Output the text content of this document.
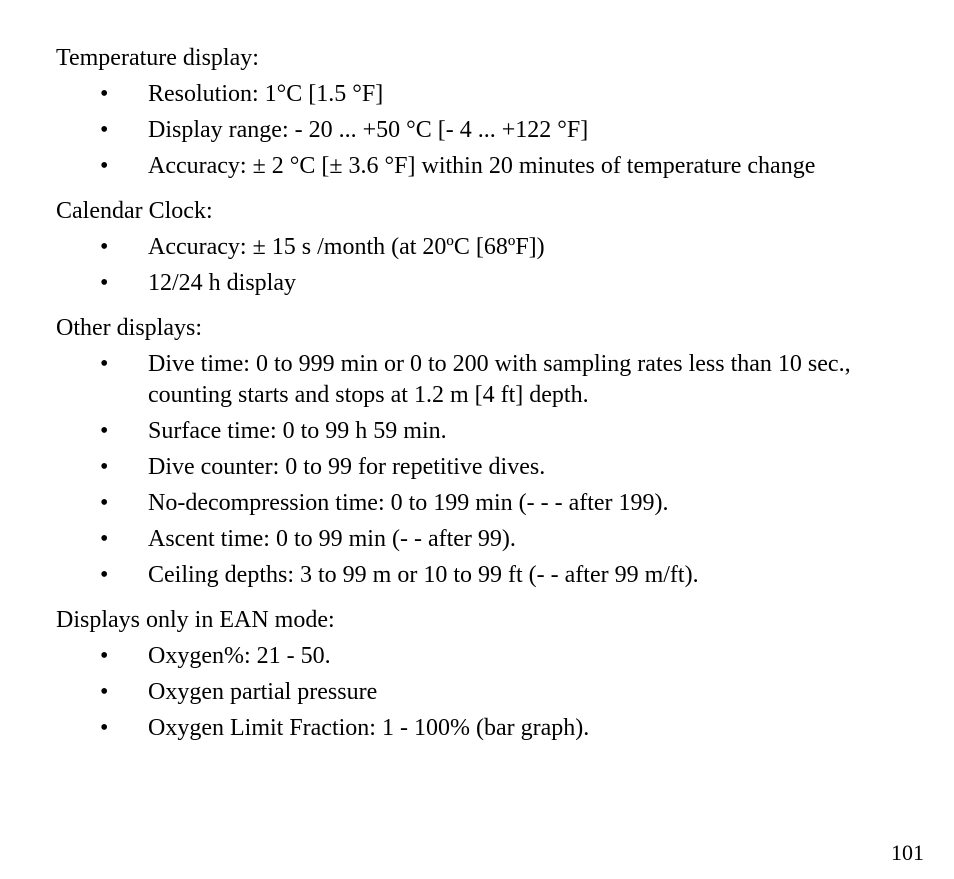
Temperature display:
• Resolution: 1°C [1.5 °F]
• Display range: - 20 ... +50 °C [- 4 ... +122 °F]
• Accuracy: ± 2 °C [± 3.6 °F] within 20 minutes of temperature change
Calendar Clock:
• Accuracy: ± 15 s /month (at 20ºC [68ºF])
• 12/24 h display
Other displays:
• Dive time: 0 to 999 min or 0 to 200 with sampling rates less than 10 sec., counting starts and stops at 1.2 m [4 ft] depth.
• Surface time: 0 to 99 h 59 min.
• Dive counter: 0 to 99 for repetitive dives.
• No-decompression time: 0 to 199 min (- - - after 199).
• Ascent time: 0 to 99 min (- - after 99).
• Ceiling depths: 3 to 99 m or 10 to 99 ft (- - after 99 m/ft).
Displays only in EAN mode:
• Oxygen%: 21 - 50.
• Oxygen partial pressure
• Oxygen Limit Fraction: 1 - 100% (bar graph).
101
